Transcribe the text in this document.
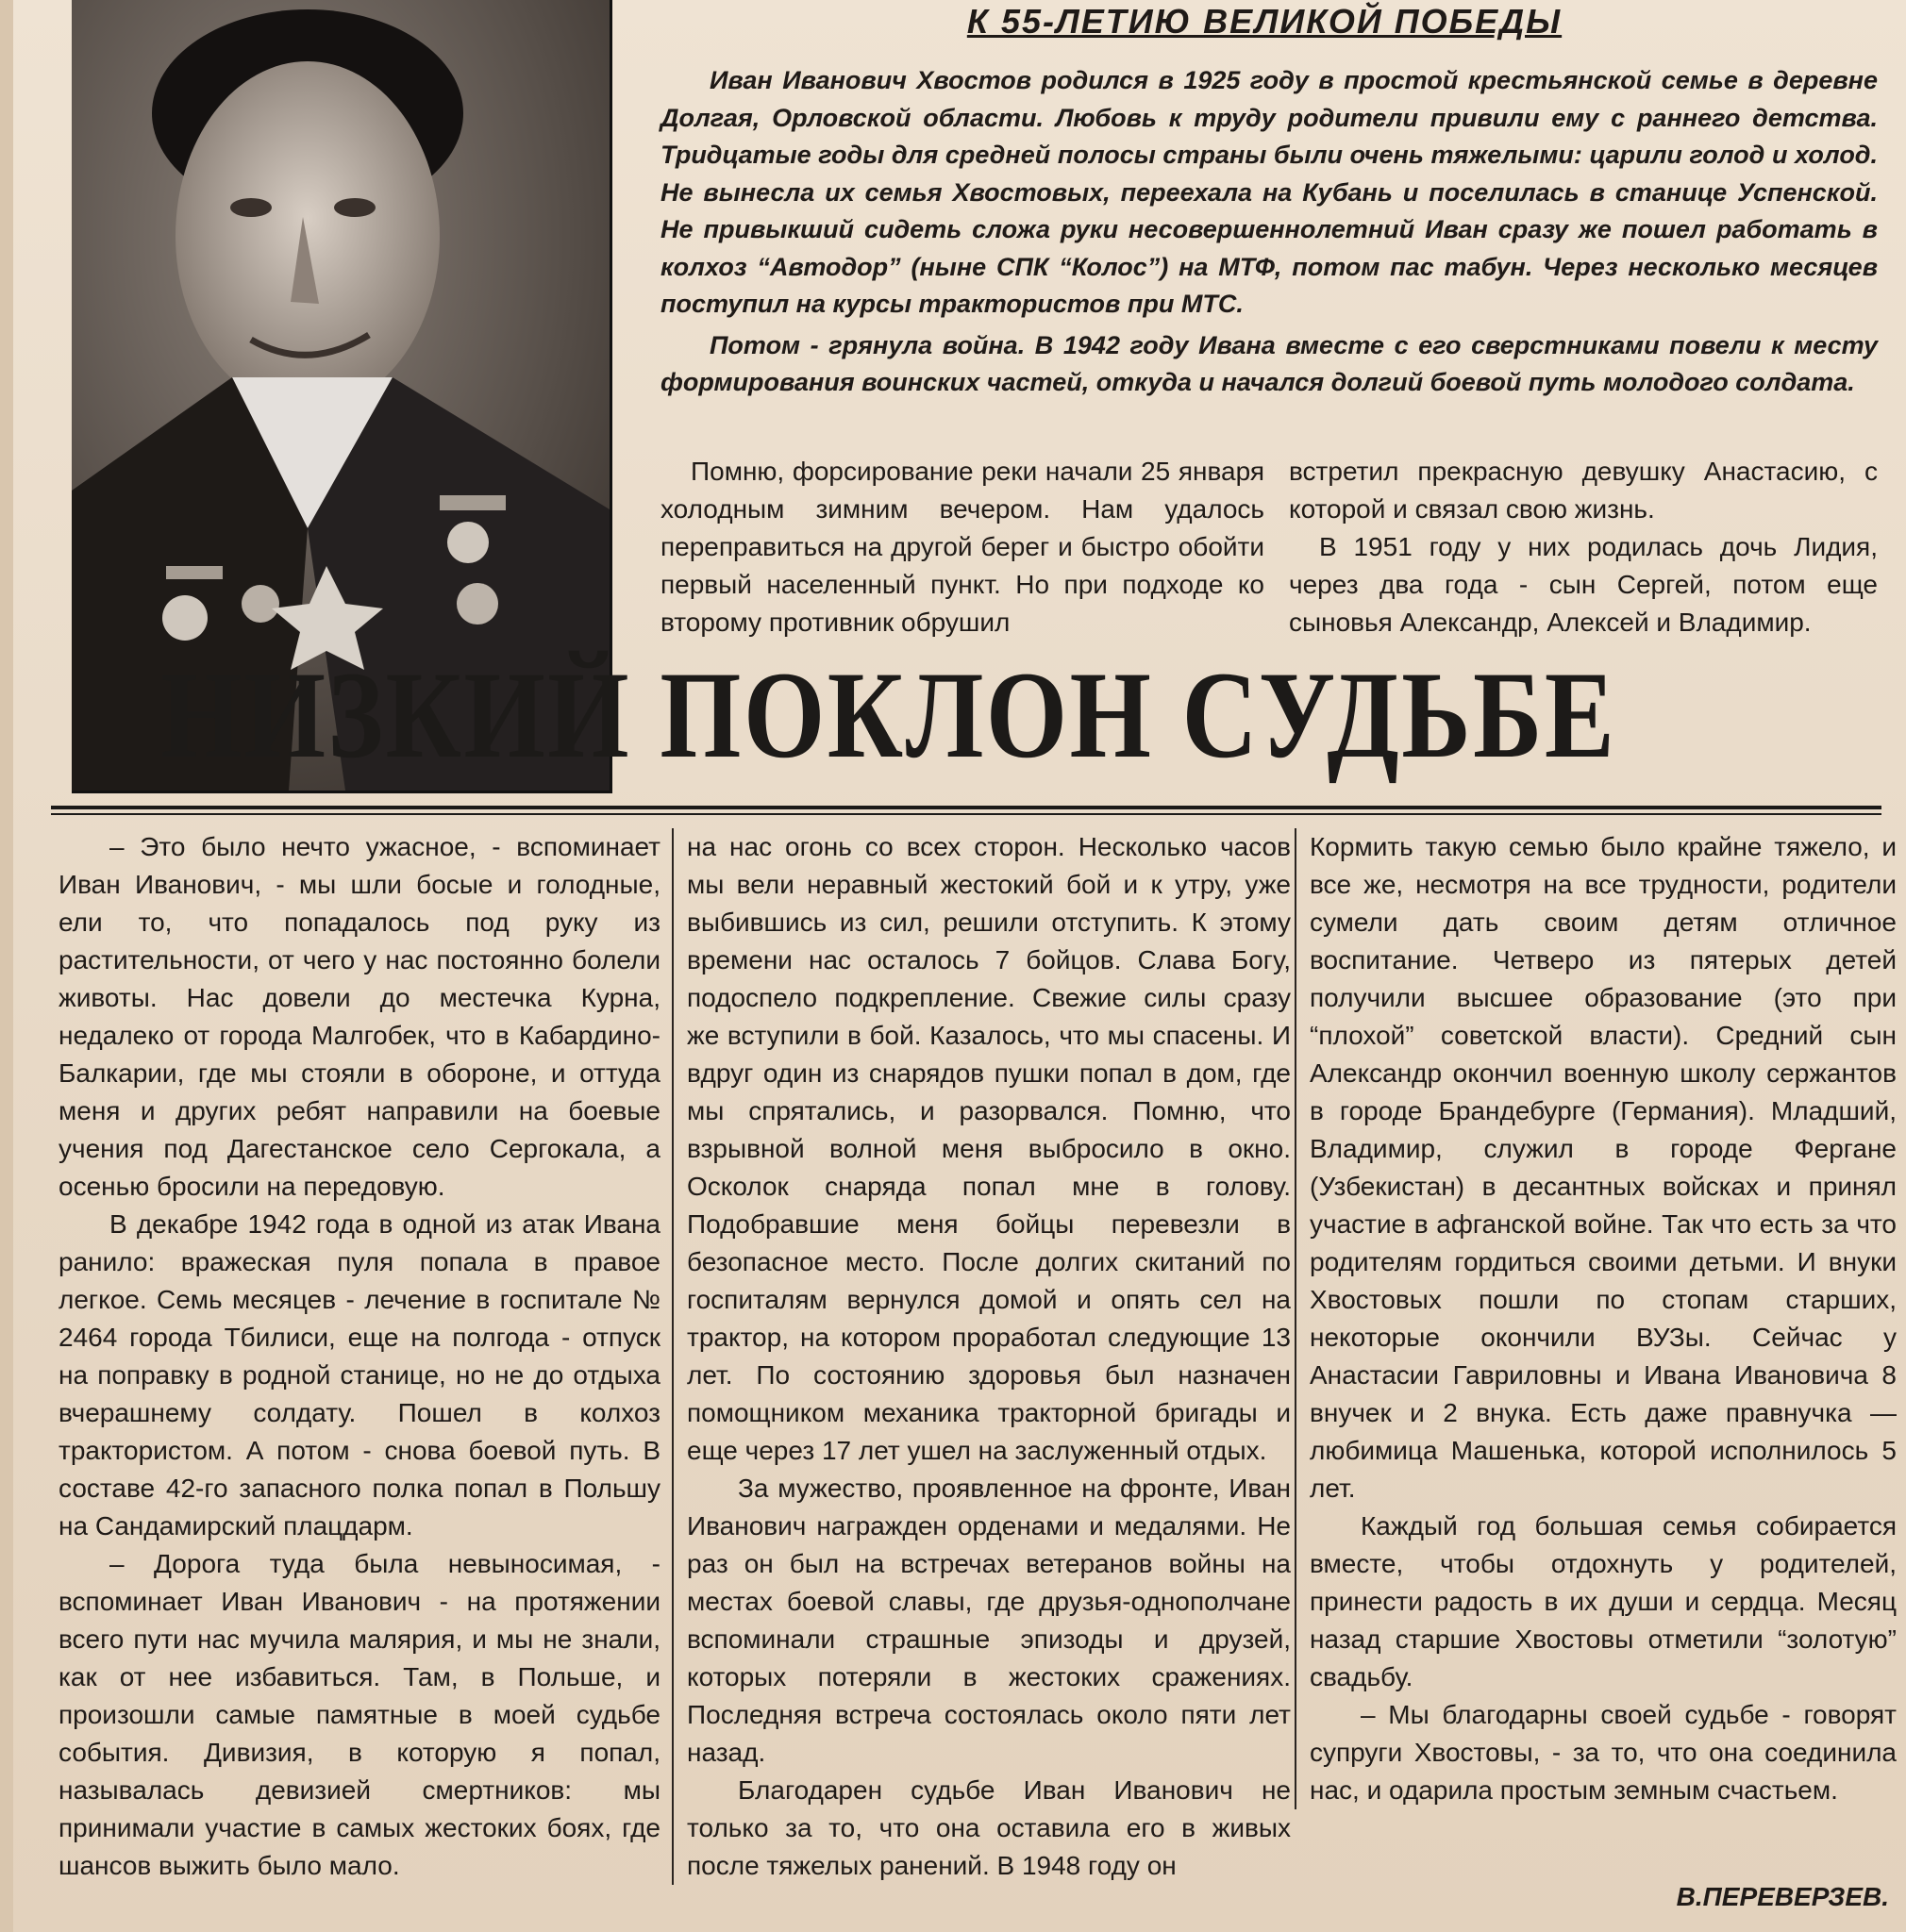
К 55-ЛЕТИЮ ВЕЛИКОЙ ПОБЕДЫ

Иван Иванович Хвостов родился в 1925 году в простой крестьянской семье в деревне Долгая, Орловской области. Любовь к труду родители привили ему с раннего детства. Тридцатые годы для средней полосы страны были очень тяжелыми: царили голод и холод. Не вынесла их семья Хвостовых, переехала на Кубань и поселилась в станице Успенской. Не привыкший сидеть сложа руки несовершеннолетний Иван сразу же пошел работать в колхоз “Автодор” (ныне СПК “Колос”) на МТФ, потом пас табун. Через несколько месяцев поступил на курсы трактористов при МТС.

Потом - грянула война. В 1942 году Ивана вместе с его сверстниками повели к месту формирования воинских частей, откуда и начался долгий боевой путь молодого солдата.

Помню, форсирование реки начали 25 января холодным зимним вечером. Нам удалось переправиться на другой берег и быстро обойти первый населенный пункт. Но при подходе ко второму противник обрушил

встретил прекрасную девушку Анастасию, с которой и связал свою жизнь.

В 1951 году у них родилась дочь Лидия, через два года - сын Сергей, потом еще сыновья Александр, Алексей и Владимир.

НИЗКИЙ ПОКЛОН СУДЬБЕ

– Это было нечто ужасное, - вспоминает Иван Иванович, - мы шли босые и голодные, ели то, что попадалось под руку из растительности, от чего у нас постоянно болели животы. Нас довели до местечка Курна, недалеко от города Малгобек, что в Кабардино-Балкарии, где мы стояли в обороне, и оттуда меня и других ребят направили на боевые учения под Дагестанское село Сергокала, а осенью бросили на передовую.

В декабре 1942 года в одной из атак Ивана ранило: вражеская пуля попала в правое легкое. Семь месяцев - лечение в госпитале № 2464 города Тбилиси, еще на полгода - отпуск на поправку в родной станице, но не до отдыха вчерашнему солдату. Пошел в колхоз трактористом. А потом - снова боевой путь. В составе 42-го запасного полка попал в Польшу на Сандамирский плацдарм.

– Дорога туда была невыносимая, - вспоминает Иван Иванович - на протяжении всего пути нас мучила малярия, и мы не знали, как от нее избавиться. Там, в Польше, и произошли самые памятные в моей судьбе события. Дивизия, в которую я попал, называлась девизией смертников: мы принимали участие в самых жестоких боях, где шансов выжить было мало.

на нас огонь со всех сторон. Несколько часов мы вели неравный жестокий бой и к утру, уже выбившись из сил, решили отступить. К этому времени нас осталось 7 бойцов. Слава Богу, подоспело подкрепление. Свежие силы сразу же вступили в бой. Казалось, что мы спасены. И вдруг один из снарядов пушки попал в дом, где мы спрятались, и разорвался. Помню, что взрывной волной меня выбросило в окно. Осколок снаряда попал мне в голову. Подобравшие меня бойцы перевезли в безопасное место. После долгих скитаний по госпиталям вернулся домой и опять сел на трактор, на котором проработал следующие 13 лет. По состоянию здоровья был назначен помощником механика тракторной бригады и еще через 17 лет ушел на заслуженный отдых.

За мужество, проявленное на фронте, Иван Иванович награжден орденами и медалями. Не раз он был на встречах ветеранов войны на местах боевой славы, где друзья-однополчане вспоминали страшные эпизоды и друзей, которых потеряли в жестоких сражениях. Последняя встреча состоялась около пяти лет назад.

Благодарен судьбе Иван Иванович не только за то, что она оставила его в живых после тяжелых ранений. В 1948 году он

Кормить такую семью было крайне тяжело, и все же, несмотря на все трудности, родители сумели дать своим детям отличное воспитание. Четверо из пятерых детей получили высшее образование (это при “плохой” советской власти). Средний сын Александр окончил военную школу сержантов в городе Брандебурге (Германия). Младший, Владимир, служил в городе Фергане (Узбекистан) в десантных войсках и принял участие в афганской войне. Так что есть за что родителям гордиться своими детьми. И внуки Хвостовых пошли по стопам старших, некоторые окончили ВУЗы. Сейчас у Анастасии Гавриловны и Ивана Ивановича 8 внучек и 2 внука. Есть даже правнучка — любимица Машенька, которой исполнилось 5 лет.

Каждый год большая семья собирается вместе, чтобы отдохнуть у родителей, принести радость в их души и сердца. Месяц назад старшие Хвостовы отметили “золотую” свадьбу.

– Мы благодарны своей судьбе - говорят супруги Хвостовы, - за то, что она соединила нас, и одарила простым земным счастьем.

В.ПЕРЕВЕРЗЕВ.
